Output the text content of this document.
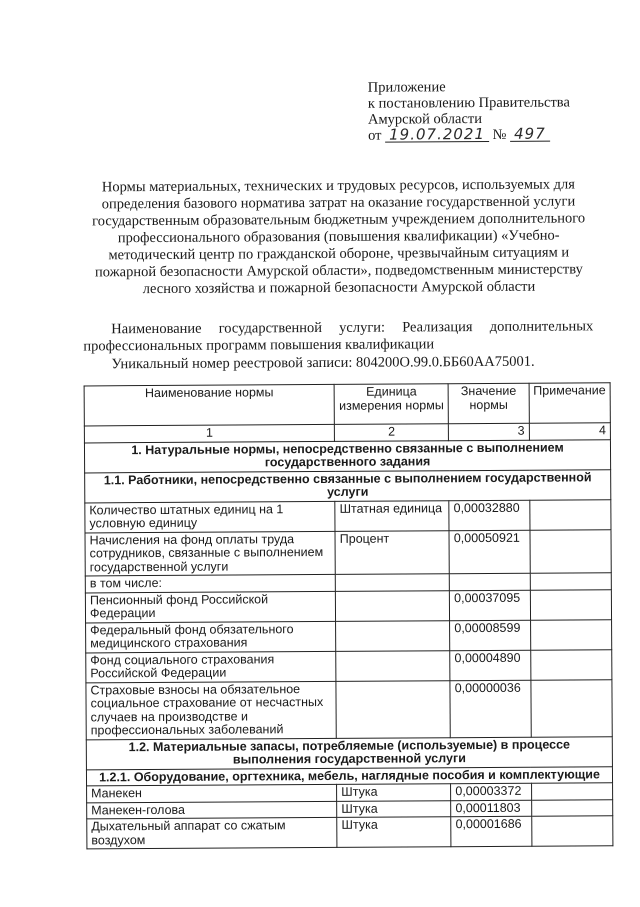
Приложение
к постановлению Правительства
Амурской области
от 19.07.2021 № 497
Нормы материальных, технических и трудовых ресурсов, используемых для определения базового норматива затрат на оказание государственной услуги государственным образовательным бюджетным учреждением дополнительного профессионального образования (повышения квалификации) «Учебно-методический центр по гражданской обороне, чрезвычайным ситуациям и пожарной безопасности Амурской области», подведомственным министерству лесного хозяйства и пожарной безопасности Амурской области
Наименование государственной услуги: Реализация дополнительных
профессиональных программ повышения квалификации
Уникальный номер реестровой записи: 804200О.99.0.ББ60АА75001.
Наименование нормы	Единица измерения нормы	Значение нормы	Примечание
1	2	3	4
1. Натуральные нормы, непосредственно связанные с выполнением государственного задания			
1.1. Работники, непосредственно связанные с выполнением государственной услуги			
Количество штатных единиц на 1 условную единицу	Штатная единица	0,00032880	
Начисления на фонд оплаты труда сотрудников, связанные с выполнением государственной услуги	Процент	0,00050921	
в том числе:			
Пенсионный фонд Российской Федерации		0,00037095	
Федеральный фонд обязательного медицинского страхования		0,00008599	
Фонд социального страхования Российской Федерации		0,00004890	
Страховые взносы на обязательное социальное страхование от несчастных случаев на производстве и профессиональных заболеваний		0,00000036	
1.2. Материальные запасы, потребляемые (используемые) в процессе выполнения государственной услуги			
1.2.1. Оборудование, оргтехника, мебель, наглядные пособия и комплектующие			
Манекен	Штука	0,00003372	
Манекен-голова	Штука	0,00011803	
Дыхательный аппарат со сжатым воздухом	Штука	0,00001686	
